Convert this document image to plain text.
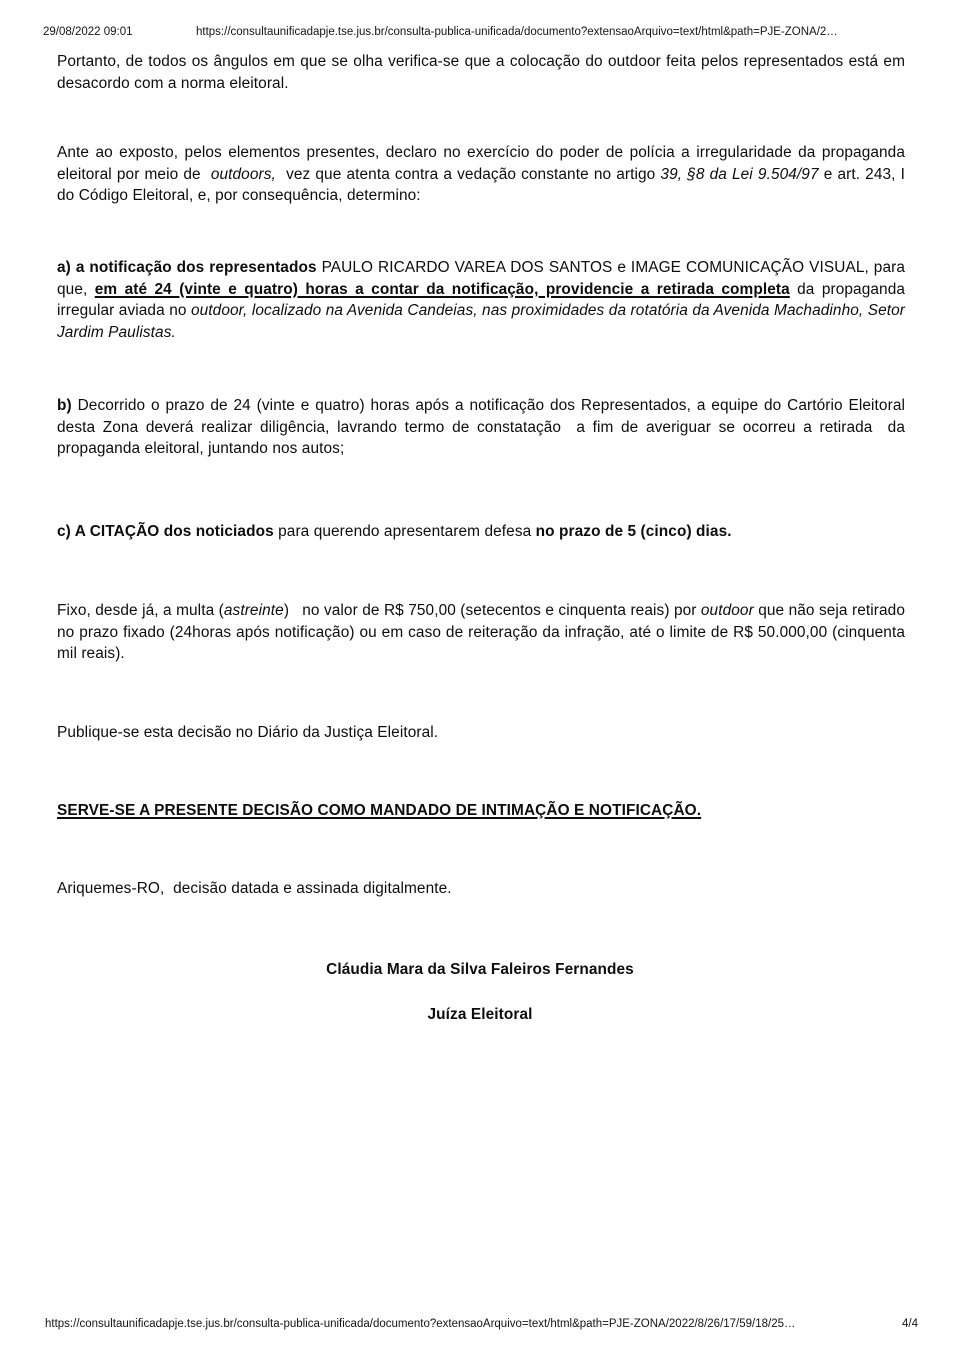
29/08/2022 09:01	https://consultaunificadapje.tse.jus.br/consulta-publica-unificada/documento?extensaoArquivo=text/html&path=PJE-ZONA/2…

Portanto, de todos os ângulos em que se olha verifica-se que a colocação do outdoor feita pelos representados está em desacordo com a norma eleitoral.

Ante ao exposto, pelos elementos presentes, declaro no exercício do poder de polícia a irregularidade da propaganda eleitoral por meio de  outdoors,  vez que atenta contra a vedação constante no artigo 39, §8 da Lei 9.504/97 e art. 243, I do Código Eleitoral, e, por consequência, determino:

a) a notificação dos representados PAULO RICARDO VAREA DOS SANTOS e IMAGE COMUNICAÇÃO VISUAL, para que, em até 24 (vinte e quatro) horas a contar da notificação, providencie a retirada completa da propaganda irregular aviada no outdoor, localizado na Avenida Candeias, nas proximidades da rotatória da Avenida Machadinho, Setor Jardim Paulistas.

b) Decorrido o prazo de 24 (vinte e quatro) horas após a notificação dos Representados, a equipe do Cartório Eleitoral desta Zona deverá realizar diligência, lavrando termo de constatação  a fim de averiguar se ocorreu a retirada  da propaganda eleitoral, juntando nos autos;

c) A CITAÇÃO dos noticiados para querendo apresentarem defesa no prazo de 5 (cinco) dias.

Fixo, desde já, a multa (astreinte)   no valor de R$ 750,00 (setecentos e cinquenta reais) por outdoor que não seja retirado no prazo fixado (24horas após notificação) ou em caso de reiteração da infração, até o limite de R$ 50.000,00 (cinquenta mil reais).

Publique-se esta decisão no Diário da Justiça Eleitoral.

SERVE-SE A PRESENTE DECISÃO COMO MANDADO DE INTIMAÇÃO E NOTIFICAÇÃO.

Ariquemes-RO,  decisão datada e assinada digitalmente.

Cláudia Mara da Silva Faleiros Fernandes

Juíza Eleitoral

https://consultaunificadapje.tse.jus.br/consulta-publica-unificada/documento?extensaoArquivo=text/html&path=PJE-ZONA/2022/8/26/17/59/18/25…	4/4
